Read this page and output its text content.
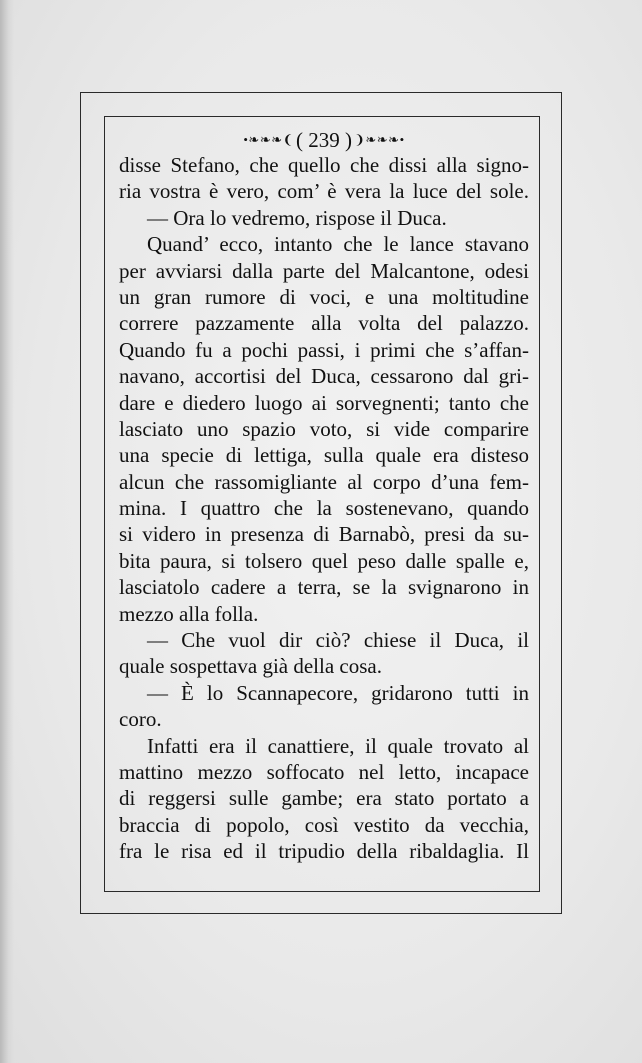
•❧❧❧❨( 239 ) ❩❧❧❧•
disse Stefano, che quello che dissi alla signo-
ria vostra è vero, com’ è vera la luce del sole.
— Ora lo vedremo, rispose il Duca.
Quand’ ecco, intanto che le lance stavano
per avviarsi dalla parte del Malcantone, odesi
un gran rumore di voci, e una moltitudine
correre pazzamente alla volta del palazzo.
Quando fu a pochi passi, i primi che s’affan-
navano, accortisi del Duca, cessarono dal gri-
dare e diedero luogo ai sorvegnenti; tanto che
lasciato uno spazio voto, si vide comparire
una specie di lettiga, sulla quale era disteso
alcun che rassomigliante al corpo d’una fem-
mina. I quattro che la sostenevano, quando
si videro in presenza di Barnabò, presi da su-
bita paura, si tolsero quel peso dalle spalle e,
lasciatolo cadere a terra, se la svignarono in
mezzo alla folla.
— Che vuol dir ciò? chiese il Duca, il
quale sospettava già della cosa.
— È lo Scannapecore, gridarono tutti in
coro.
Infatti era il canattiere, il quale trovato al
mattino mezzo soffocato nel letto, incapace
di reggersi sulle gambe; era stato portato a
braccia di popolo, così vestito da vecchia,
fra le risa ed il tripudio della ribaldaglia. Il
